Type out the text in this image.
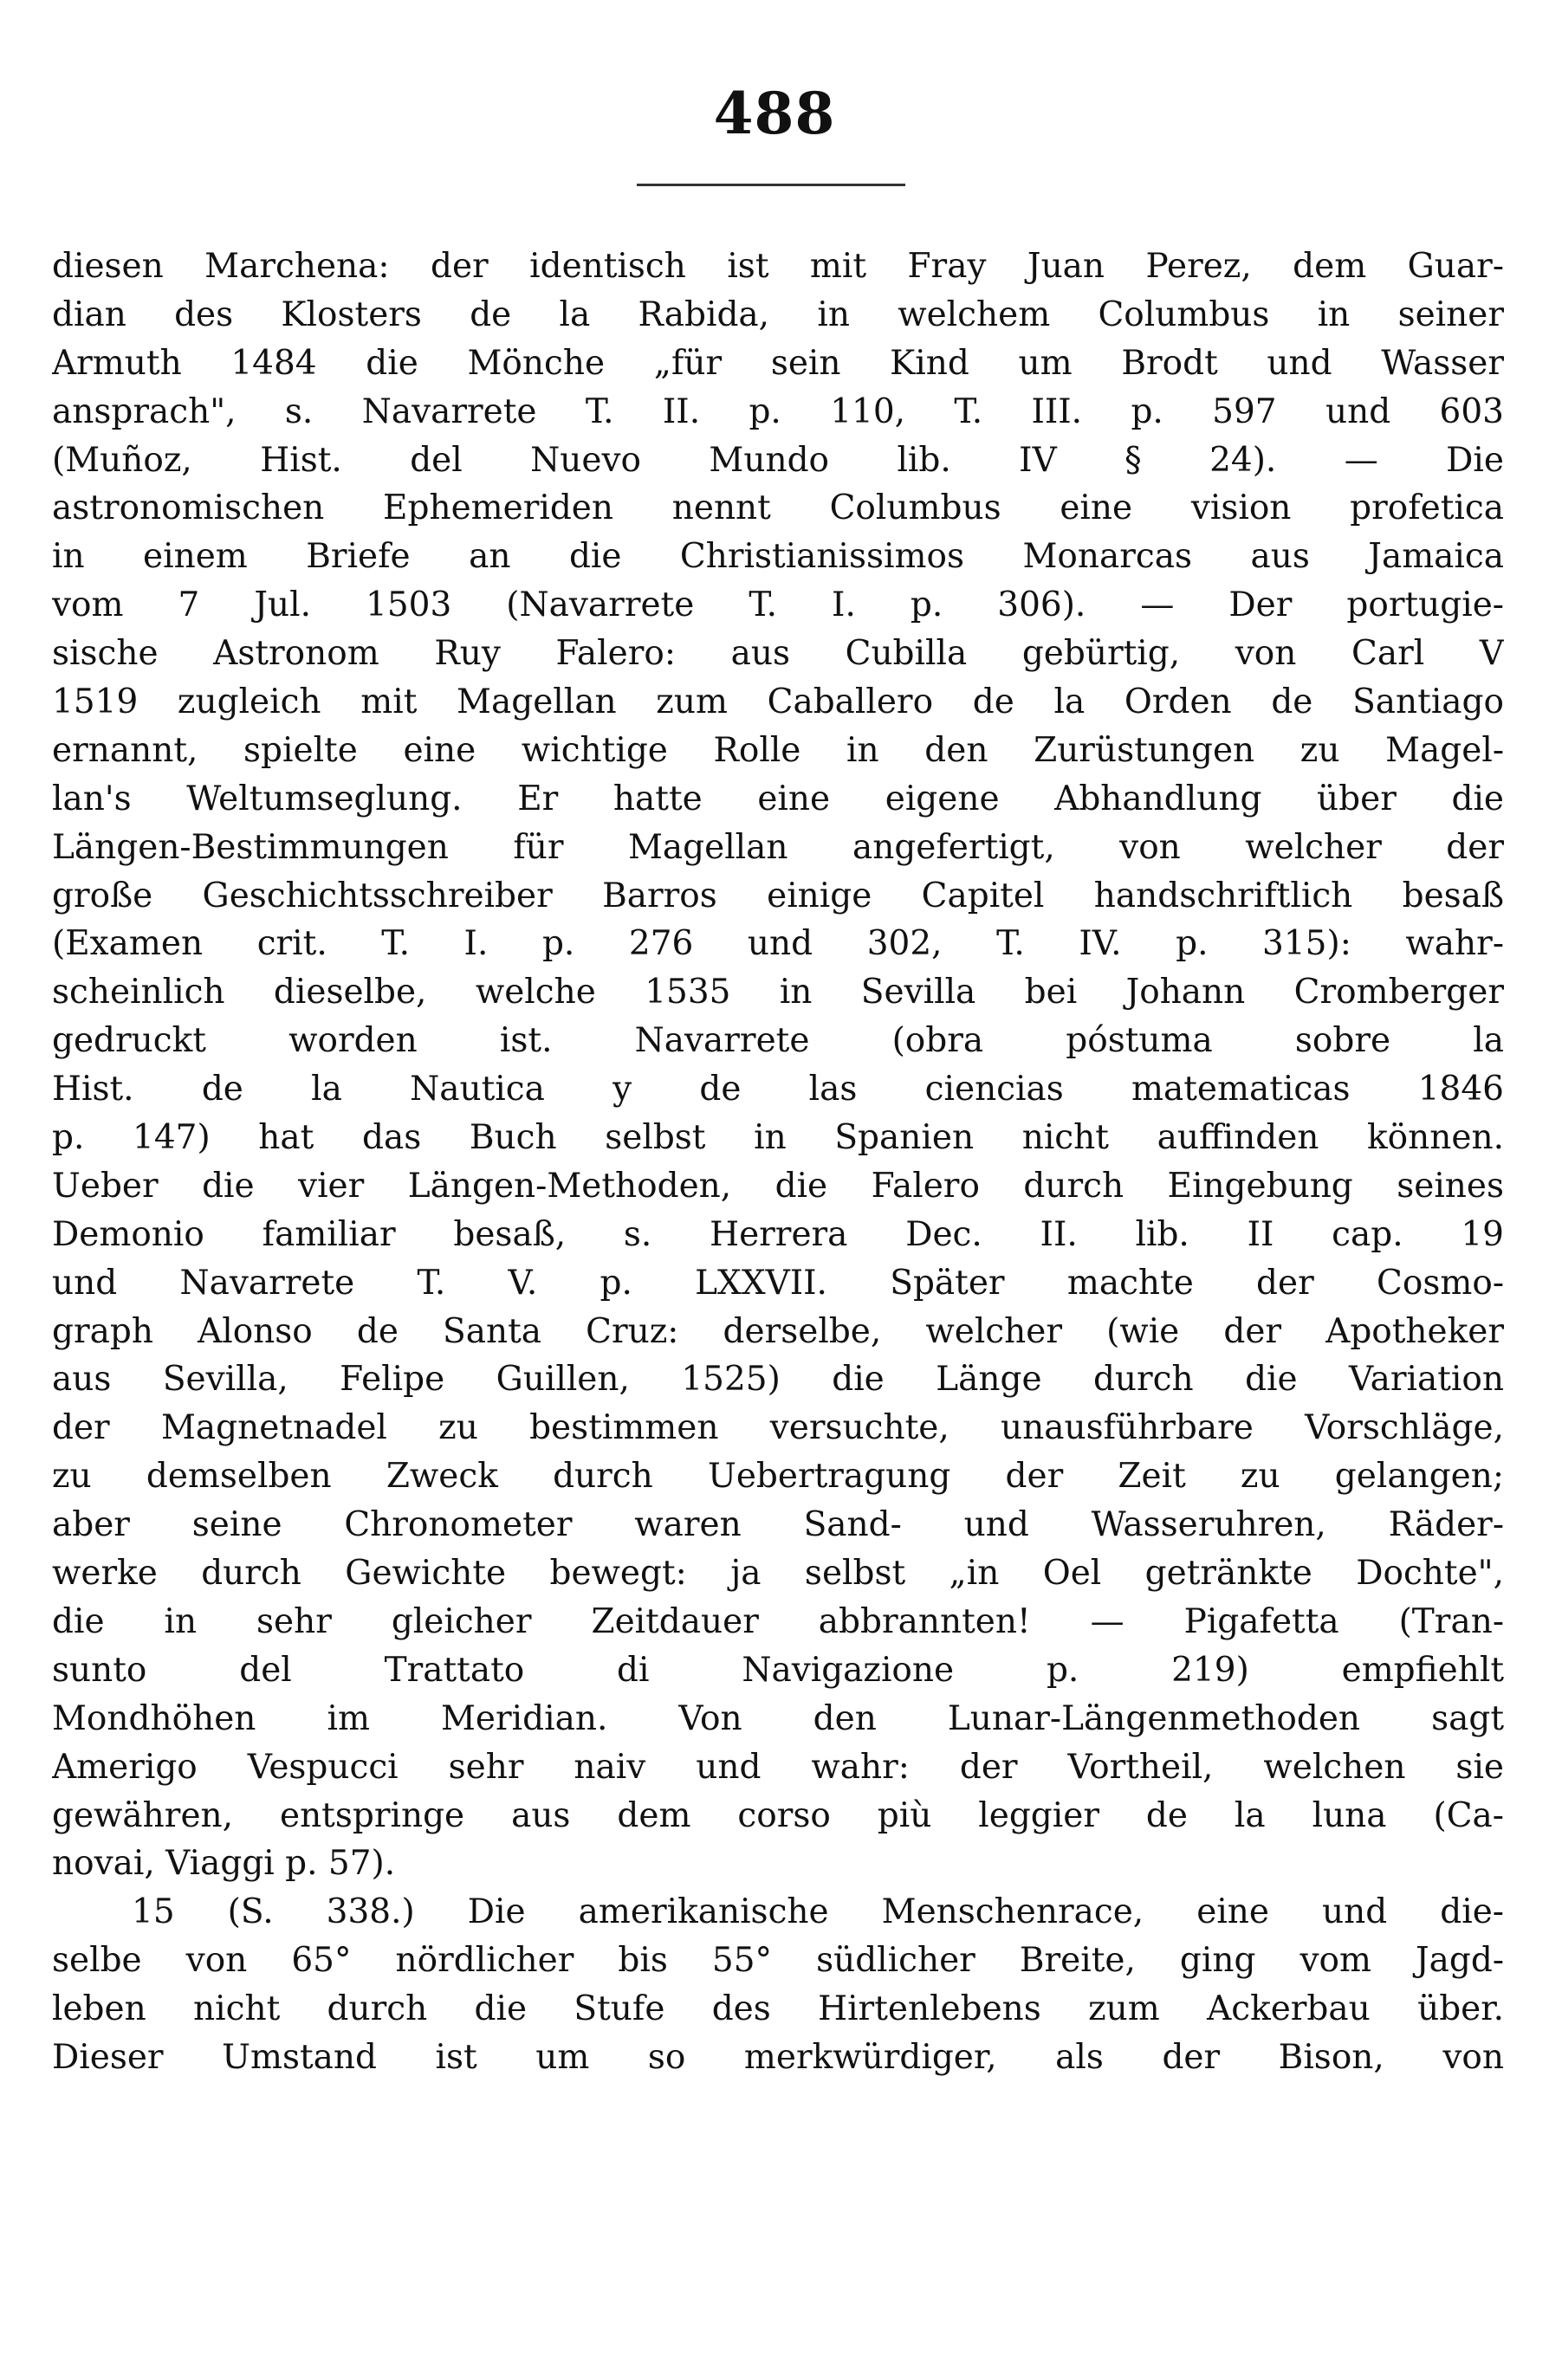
488
diesen Marchena: der identisch ist mit Fray Juan Perez, dem Guar-
dian des Klosters de la Rabida, in welchem Columbus in seiner
Armuth 1484 die Mönche „für sein Kind um Brodt und Wasser
ansprach", s. Navarrete T. II. p. 110, T. III. p. 597 und 603
(Muñoz, Hist. del Nuevo Mundo lib. IV § 24). — Die
astronomischen Ephemeriden nennt Columbus eine vision profetica
in einem Briefe an die Christianissimos Monarcas aus Jamaica
vom 7 Jul. 1503 (Navarrete T. I. p. 306). — Der portugie-
sische Astronom Ruy Falero: aus Cubilla gebürtig, von Carl V
1519 zugleich mit Magellan zum Caballero de la Orden de Santiago
ernannt, spielte eine wichtige Rolle in den Zurüstungen zu Magel-
lan's Weltumseglung. Er hatte eine eigene Abhandlung über die
Längen-Bestimmungen für Magellan angefertigt, von welcher der
große Geschichtsschreiber Barros einige Capitel handschriftlich besaß
(Examen crit. T. I. p. 276 und 302, T. IV. p. 315): wahr-
scheinlich dieselbe, welche 1535 in Sevilla bei Johann Cromberger
gedruckt worden ist. Navarrete (obra póstuma sobre la
Hist. de la Nautica y de las ciencias matematicas 1846
p. 147) hat das Buch selbst in Spanien nicht auffinden können.
Ueber die vier Längen-Methoden, die Falero durch Eingebung seines
Demonio familiar besaß, s. Herrera Dec. II. lib. II cap. 19
und Navarrete T. V. p. LXXVII. Später machte der Cosmo-
graph Alonso de Santa Cruz: derselbe, welcher (wie der Apotheker
aus Sevilla, Felipe Guillen, 1525) die Länge durch die Variation
der Magnetnadel zu bestimmen versuchte, unausführbare Vorschläge,
zu demselben Zweck durch Uebertragung der Zeit zu gelangen;
aber seine Chronometer waren Sand- und Wasseruhren, Räder-
werke durch Gewichte bewegt: ja selbst „in Oel getränkte Dochte",
die in sehr gleicher Zeitdauer abbrannten! — Pigafetta (Tran-
sunto del Trattato di Navigazione p. 219) empfiehlt
Mondhöhen im Meridian. Von den Lunar-Längenmethoden sagt
Amerigo Vespucci sehr naiv und wahr: der Vortheil, welchen sie
gewähren, entspringe aus dem corso più leggier de la luna (Ca-
novai, Viaggi p. 57).
15 (S. 338.) Die amerikanische Menschenrace, eine und die-
selbe von 65° nördlicher bis 55° südlicher Breite, ging vom Jagd-
leben nicht durch die Stufe des Hirtenlebens zum Ackerbau über.
Dieser Umstand ist um so merkwürdiger, als der Bison, von
